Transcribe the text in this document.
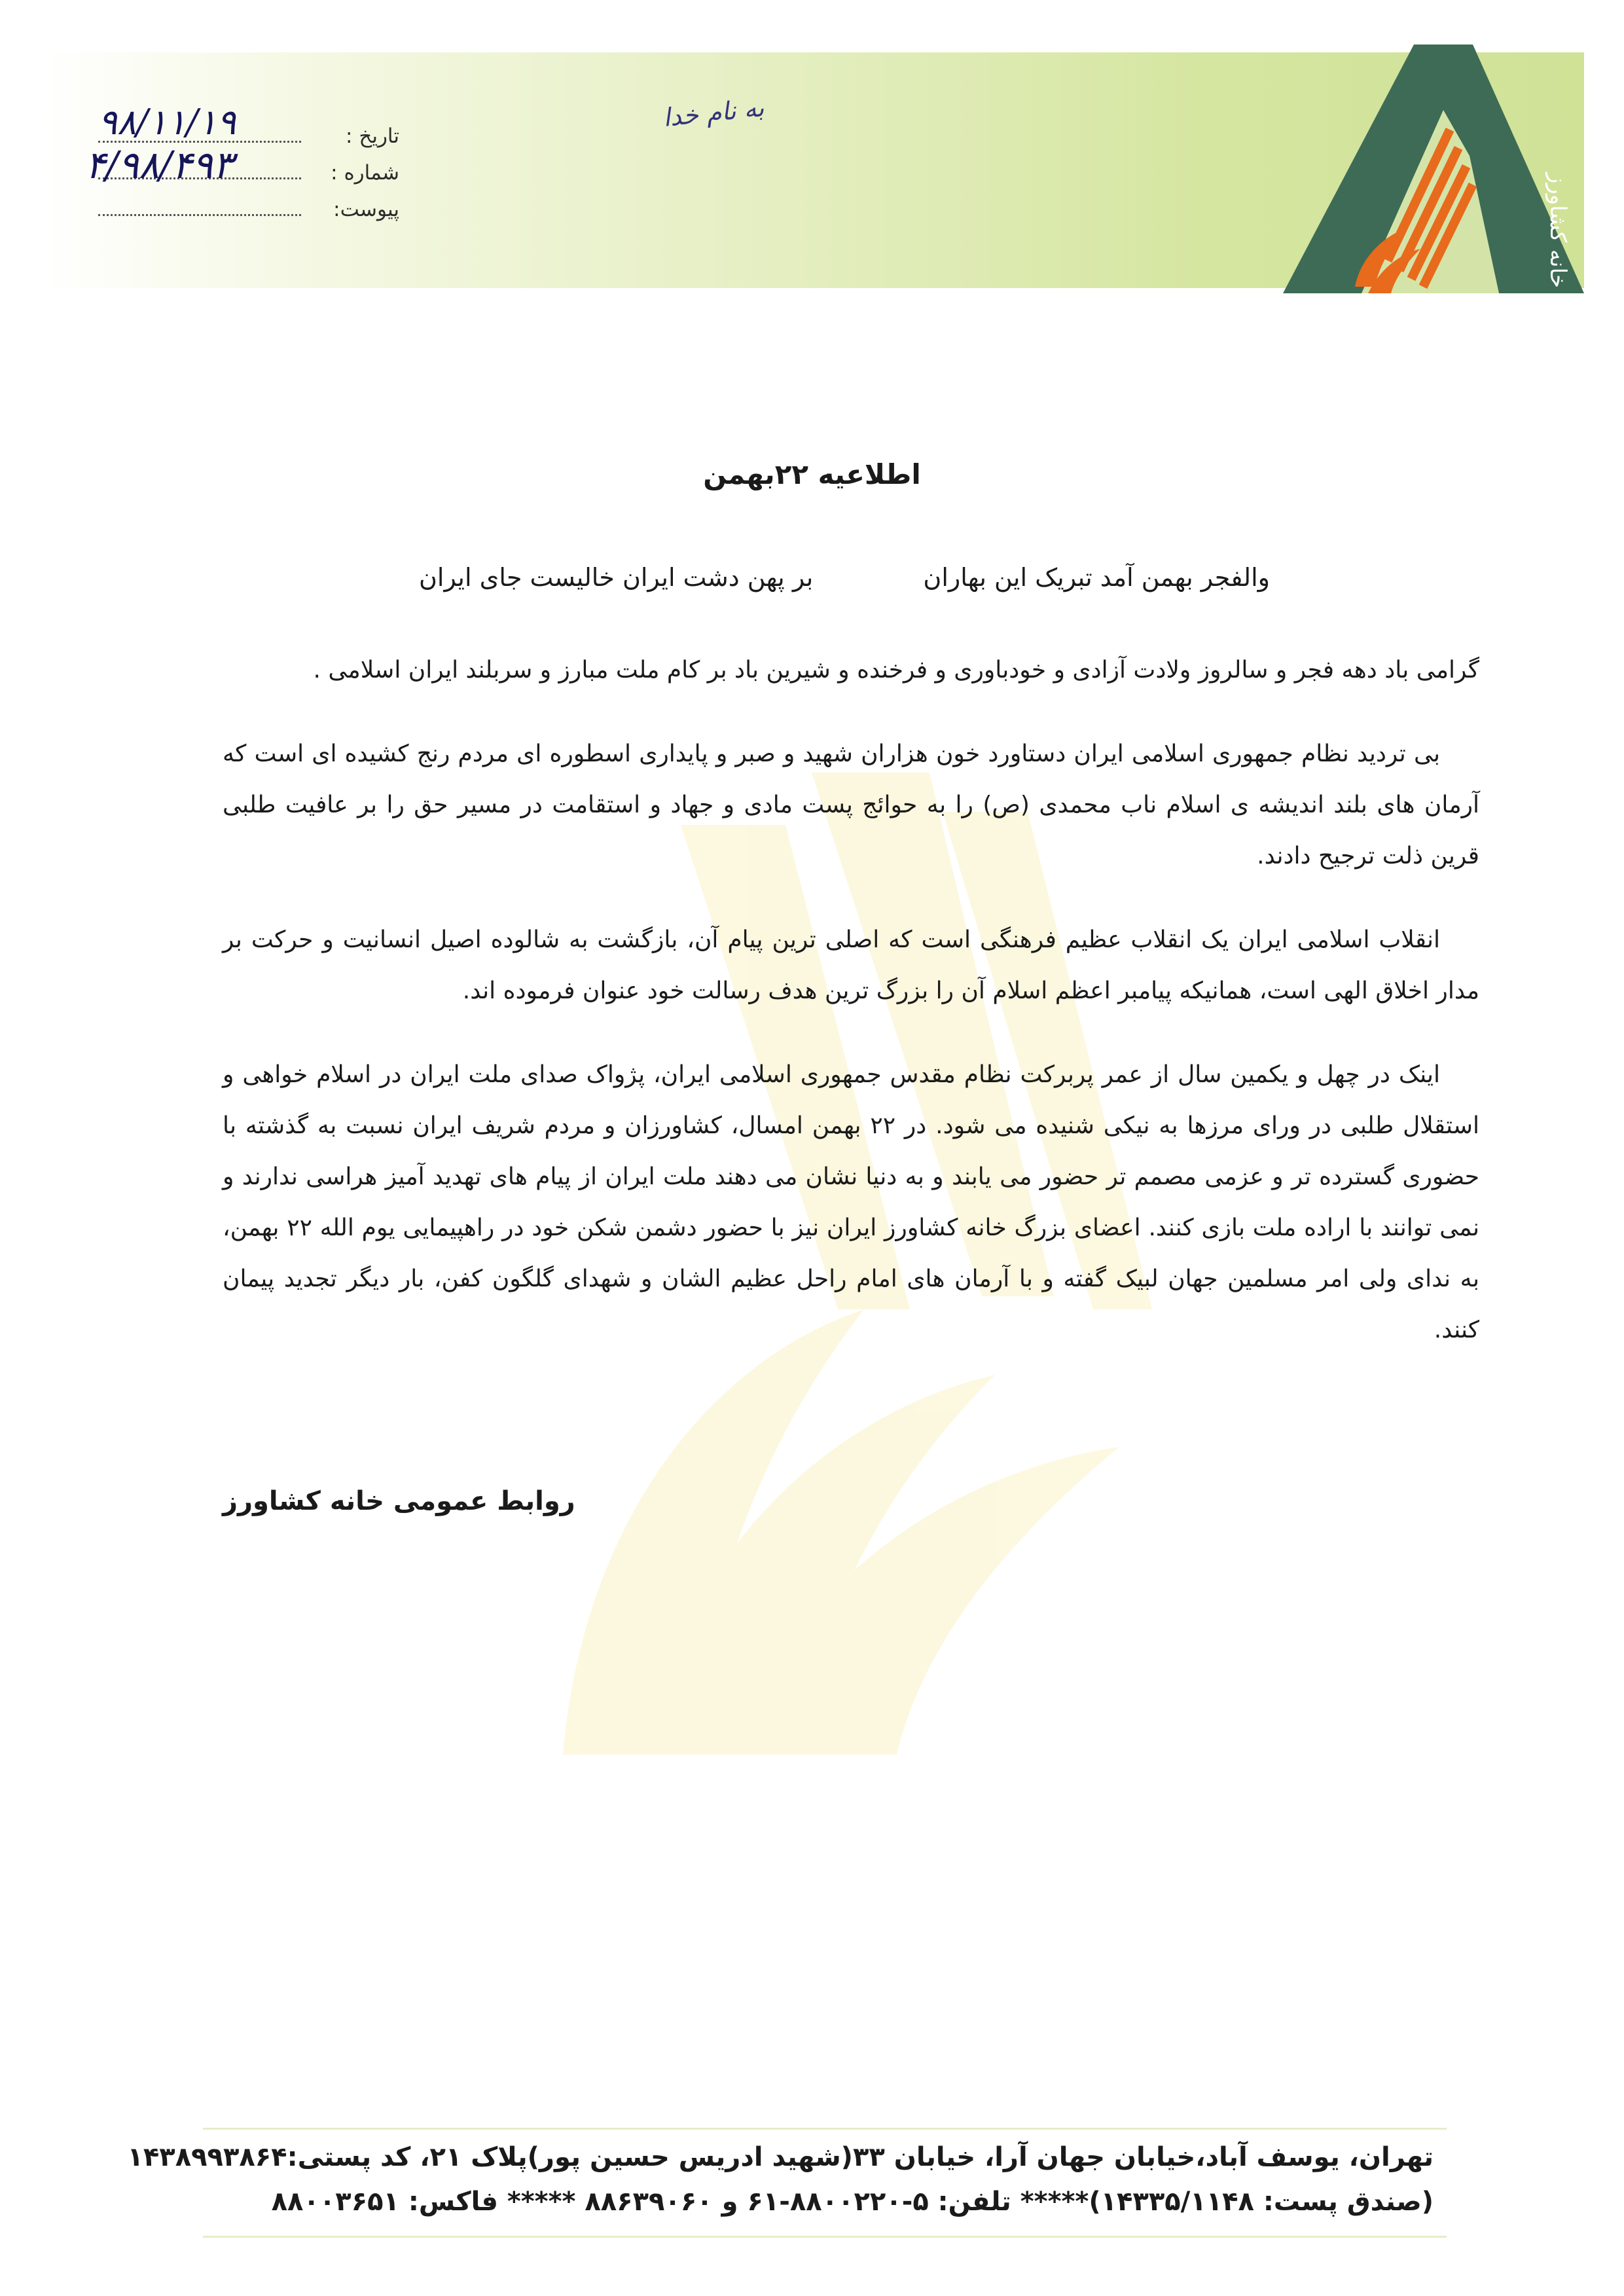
خانه کشاورز
تاریخ :
شماره :
پیوست:
۹۸/۱۱/۱۹
۴/۹۸/۴۹۳
به نام خدا
اطلاعیه ۲۲بهمن
والفجر بهمن آمد تبریک این بهاران
بر پهن دشت ایران خالیست جای ایران

گرامی باد دهه فجر و سالروز ولادت آزادی و خودباوری و فرخنده و شیرین باد بر کام ملت مبارز و سربلند ایران اسلامی .

بی تردید نظام جمهوری اسلامی ایران دستاورد خون هزاران شهید و صبر و پایداری اسطوره ای مردم رنج کشیده ای است که آرمان های بلند اندیشه ی اسلام ناب محمدی (ص) را به حوائج پست مادی و جهاد و استقامت در مسیر حق را بر عافیت طلبی قرین ذلت ترجیح دادند.

انقلاب اسلامی ایران یک انقلاب عظیم فرهنگی است که اصلی ترین پیام آن، بازگشت به شالوده اصیل انسانیت و حرکت بر مدار اخلاق الهی است، همانیکه پیامبر اعظم اسلام آن را بزرگ ترین هدف رسالت خود عنوان فرموده اند.

اینک در چهل و یکمین سال از عمر پربرکت نظام مقدس جمهوری اسلامی ایران، پژواک صدای ملت ایران در اسلام خواهی و استقلال طلبی در ورای مرزها به نیکی شنیده می شود. در ۲۲ بهمن امسال، کشاورزان و مردم شریف ایران نسبت به گذشته با حضوری گسترده تر و عزمی مصمم تر حضور می یابند و به دنیا نشان می دهند ملت ایران از پیام های تهدید آمیز هراسی ندارند و نمی توانند با اراده ملت بازی کنند. اعضای بزرگ خانه کشاورز ایران نیز با حضور دشمن شکن خود در راهپیمایی یوم الله ۲۲ بهمن، به ندای ولی امر مسلمین جهان لبیک گفته و با آرمان های امام راحل عظیم الشان و شهدای گلگون کفن، بار دیگر تجدید پیمان کنند.

روابط عمومی خانه کشاورز
تهران، یوسف آباد،خیابان جهان آرا، خیابان ۳۳(شهید ادریس حسین پور)پلاک ۲۱، کد پستی:۱۴۳۸۹۹۳۸۶۴
(صندق پست: ۱۴۳۳۵/۱۱۴۸)***** تلفن: ۵-۸۸۰۰۲۲۰-۶۱ و ۸۸۶۳۹۰۶۰ ***** فاکس: ۸۸۰۰۳۶۵۱
